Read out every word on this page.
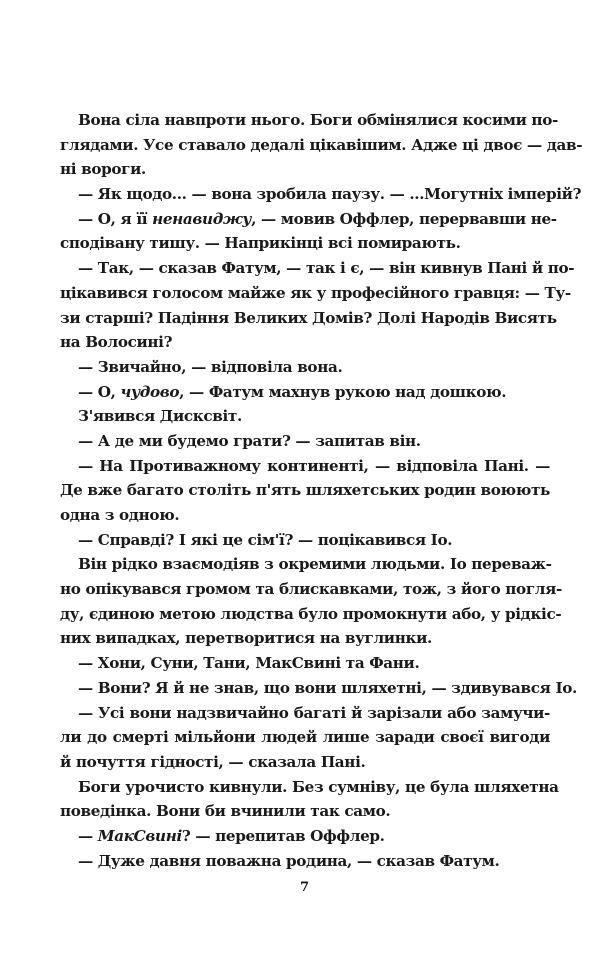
Вона сіла навпроти нього. Боги обмінялися косими по-
глядами. Усе ставало дедалі цікавішим. Адже ці двоє — дав-
ні вороги.
— Як щодо... — вона зробила паузу. — ...Могутніх імперій?
— О, я її ненавиджу, — мовив Оффлер, перервавши не-
сподівану тишу. — Наприкінці всі помирають.
— Так, — сказав Фатум, — так і є, — він кивнув Пані й по-
цікавився голосом майже як у професійного гравця: — Ту-
зи старші? Падіння Великих Домів? Долі Народів Висять
на Волосині?
— Звичайно, — відповіла вона.
— О, чудово, — Фатум махнув рукою над дошкою.
З'явився Дисксвіт.
— А де ми будемо грати? — запитав він.
— На Противажному континенті, — відповіла Пані. —
Де вже багато століть п'ять шляхетських родин воюють
одна з одною.
— Справді? І які це сім'ї? — поцікавився Іо.
Він рідко взаємодіяв з окремими людьми. Іо переваж-
но опікувався громом та блискавками, тож, з його погля-
ду, єдиною метою людства було промокнути або, у рідкіс-
них випадках, перетворитися на вуглинки.
— Хони, Суни, Тани, МакСвині та Фани.
— Вони? Я й не знав, що вони шляхетні, — здивувався Іо.
— Усі вони надзвичайно багаті й зарізали або замучи-
ли до смерті мільйони людей лише заради своєї вигоди
й почуття гідності, — сказала Пані.
Боги урочисто кивнули. Без сумніву, це була шляхетна
поведінка. Вони би вчинили так само.
— МакСвині? — перепитав Оффлер.
— Дуже давня поважна родина, — сказав Фатум.
7
